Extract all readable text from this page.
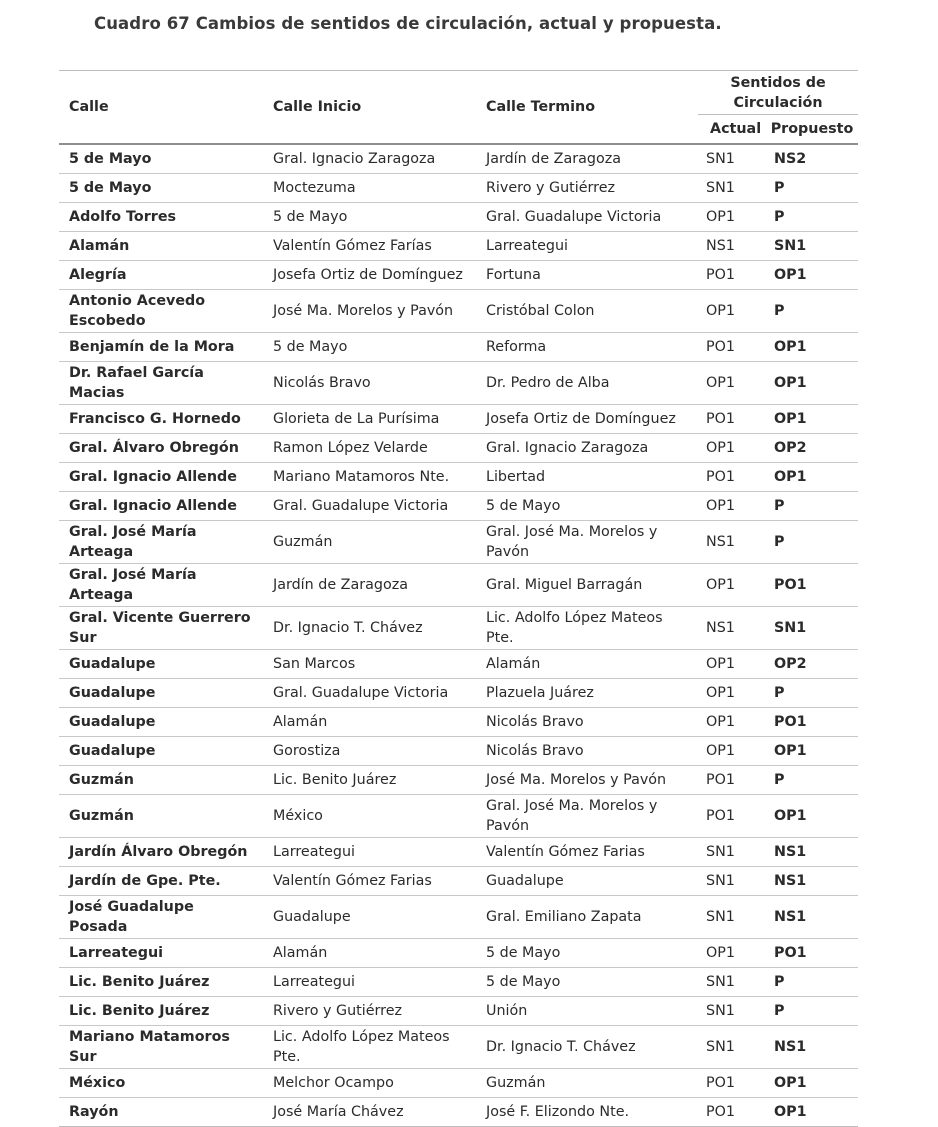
Cuadro 67 Cambios de sentidos de circulación, actual y propuesta.
Calle	Calle Inicio	Calle Termino	Sentidos de Circulación	
			Actual	Propuesto
5 de Mayo	Gral. Ignacio Zaragoza	Jardín de Zaragoza	SN1	NS2
5 de Mayo	Moctezuma	Rivero y Gutiérrez	SN1	P
Adolfo Torres	5 de Mayo	Gral. Guadalupe Victoria	OP1	P
Alamán	Valentín Gómez Farías	Larreategui	NS1	SN1
Alegría	Josefa Ortiz de Domínguez	Fortuna	PO1	OP1
Antonio Acevedo Escobedo	José Ma. Morelos y Pavón	Cristóbal Colon	OP1	P
Benjamín de la Mora	5 de Mayo	Reforma	PO1	OP1
Dr. Rafael García Macias	Nicolás Bravo	Dr. Pedro de Alba	OP1	OP1
Francisco G. Hornedo	Glorieta de La Purísima	Josefa Ortiz de Domínguez	PO1	OP1
Gral. Álvaro Obregón	Ramon López Velarde	Gral. Ignacio Zaragoza	OP1	OP2
Gral. Ignacio Allende	Mariano Matamoros Nte.	Libertad	PO1	OP1
Gral. Ignacio Allende	Gral. Guadalupe Victoria	5 de Mayo	OP1	P
Gral. José María Arteaga	Guzmán	Gral. José Ma. Morelos y Pavón	NS1	P
Gral. José María Arteaga	Jardín de Zaragoza	Gral. Miguel Barragán	OP1	PO1
Gral. Vicente Guerrero Sur	Dr. Ignacio T. Chávez	Lic. Adolfo López Mateos Pte.	NS1	SN1
Guadalupe	San Marcos	Alamán	OP1	OP2
Guadalupe	Gral. Guadalupe Victoria	Plazuela Juárez	OP1	P
Guadalupe	Alamán	Nicolás Bravo	OP1	PO1
Guadalupe	Gorostiza	Nicolás Bravo	OP1	OP1
Guzmán	Lic. Benito Juárez	José Ma. Morelos y Pavón	PO1	P
Guzmán	México	Gral. José Ma. Morelos y Pavón	PO1	OP1
Jardín Álvaro Obregón	Larreategui	Valentín Gómez Farias	SN1	NS1
Jardín de Gpe. Pte.	Valentín Gómez Farias	Guadalupe	SN1	NS1
José Guadalupe Posada	Guadalupe	Gral. Emiliano Zapata	SN1	NS1
Larreategui	Alamán	5 de Mayo	OP1	PO1
Lic. Benito Juárez	Larreategui	5 de Mayo	SN1	P
Lic. Benito Juárez	Rivero y Gutiérrez	Unión	SN1	P
Mariano Matamoros Sur	Lic. Adolfo López Mateos Pte.	Dr. Ignacio T. Chávez	SN1	NS1
México	Melchor Ocampo	Guzmán	PO1	OP1
Rayón	José María Chávez	José F. Elizondo Nte.	PO1	OP1
